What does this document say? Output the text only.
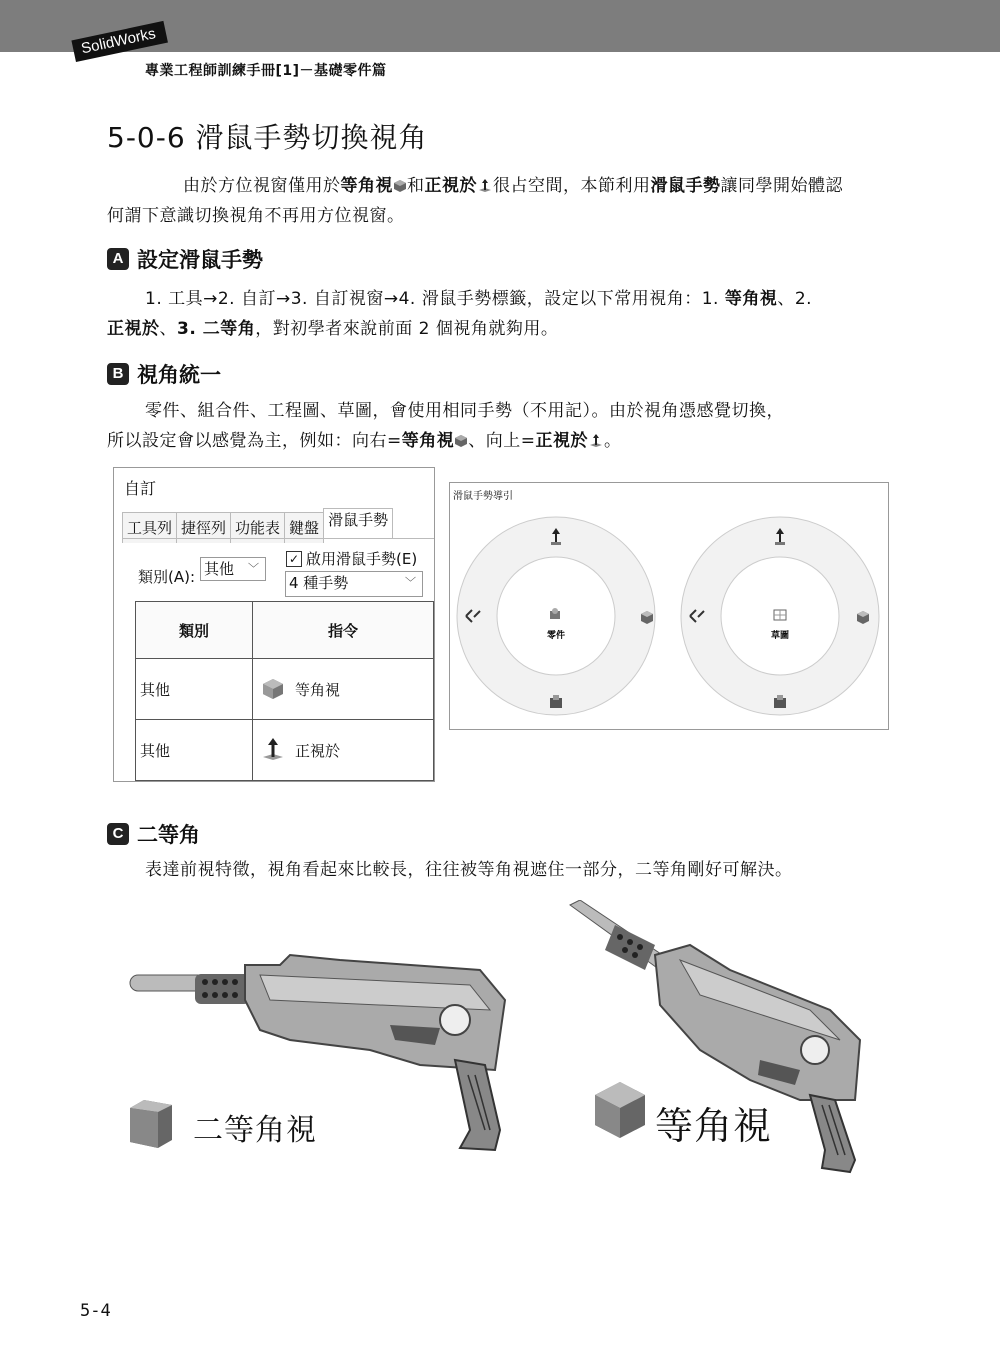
SolidWorks
專業工程師訓練手冊[1]－基礎零件篇
5-0-6 滑鼠手勢切換視角

由於方位視窗僅用於等角視 和正視於 很占空間，本節利用滑鼠手勢讓同學開始體認
何謂下意識切換視角不再用方位視窗。

A 設定滑鼠手勢

1. 工具→2. 自訂→3. 自訂視窗→4. 滑鼠手勢標籤，設定以下常用視角：1. 等角視、2.
正視於、3. 二等角，對初學者來說前面 2 個視角就夠用。

B 視角統一

零件、組合件、工程圖、草圖，會使用相同手勢（不用記）。由於視角憑感覺切換，
所以設定會以感覺為主，例如：向右=等角視 、向上=正視於 。

自訂
工具列 捷徑列 功能表 鍵盤 滑鼠手勢
類別(A): 其他 ﹀
✓ 啟用滑鼠手勢(E)
4 種手勢	﹀
類別	指令
其他	等角視

其他	正視於
滑鼠手勢導引
零件	草圖
C 二等角

表達前視特徵，視角看起來比較長，往往被等角視遮住一部分，二等角剛好可解決。

二等角視	等角視
5-4
